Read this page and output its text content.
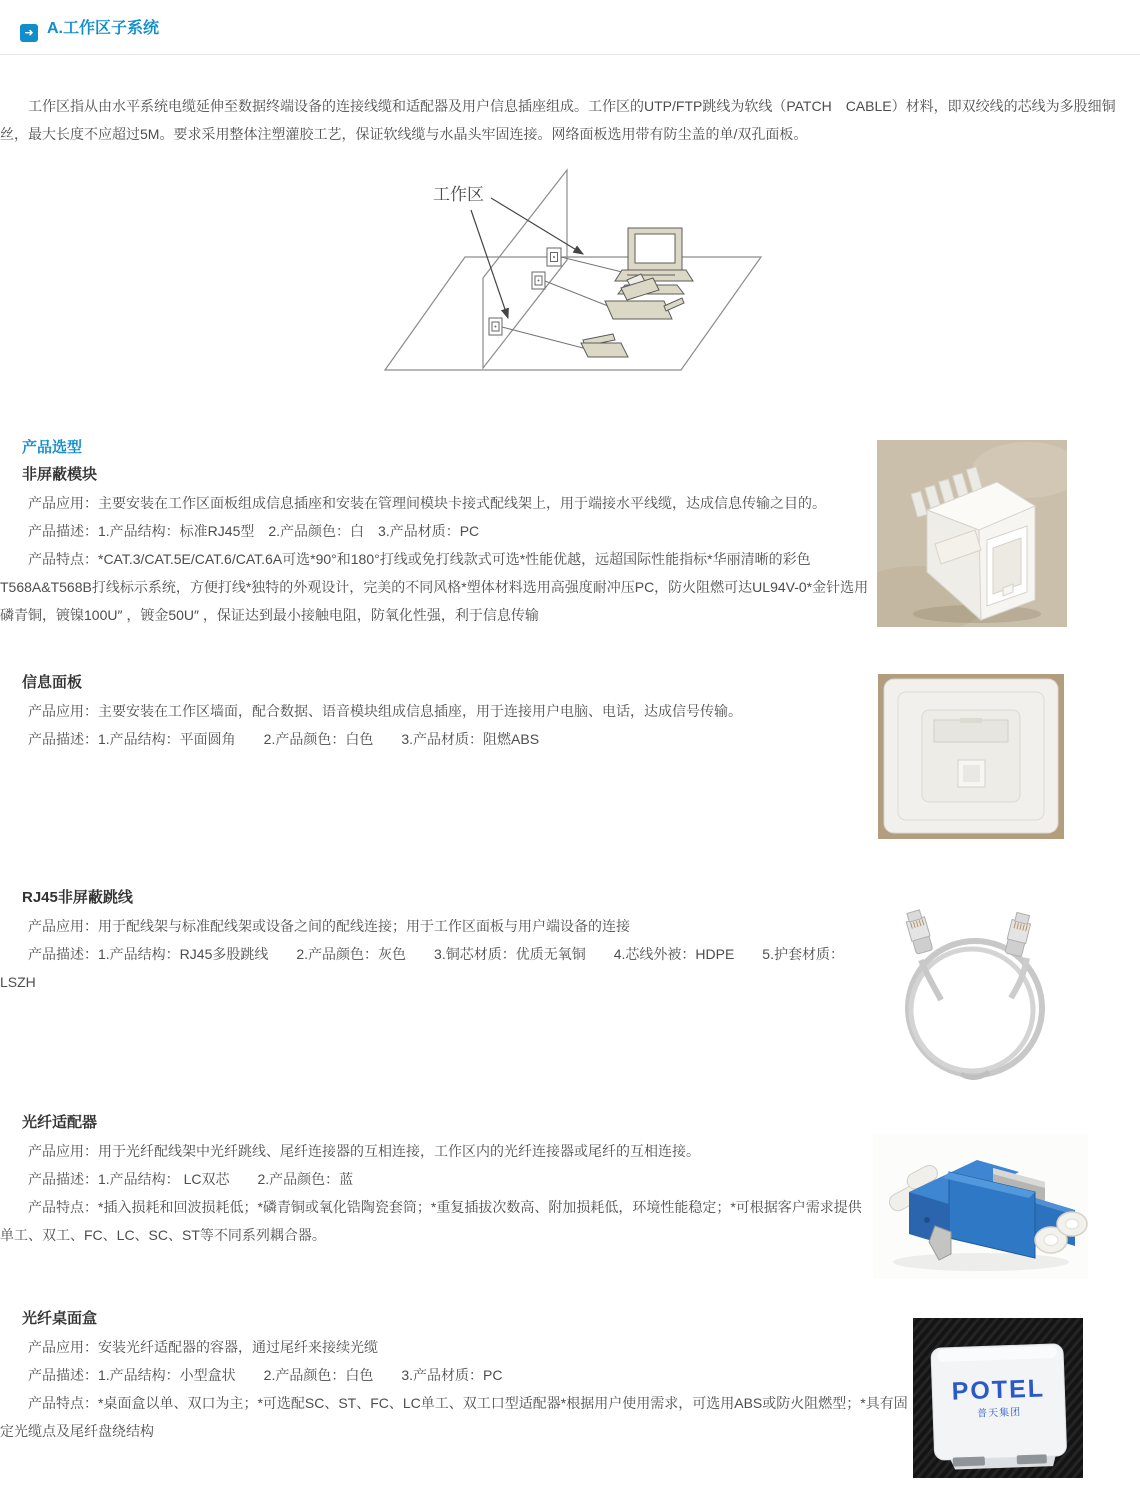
➜ A.工作区子系统

工作区指从由水平系统电缆延伸至数据终端设备的连接线缆和适配器及用户信息插座组成。工作区的UTP/FTP跳线为软线（PATCH　CABLE）材料，即双绞线的芯线为多股细铜丝，最大长度不应超过5M。要求采用整体注塑灌胶工艺，保证软线缆与水晶头牢固连接。网络面板选用带有防尘盖的单/双孔面板。

工作区
产品选型
非屏蔽模块

产品应用：主要安装在工作区面板组成信息插座和安装在管理间模块卡接式配线架上，用于端接水平线缆，达成信息传输之目的。

产品描述：1.产品结构：标准RJ45型　2.产品颜色：白　3.产品材质：PC

产品特点：*CAT.3/CAT.5E/CAT.6/CAT.6A可选*90°和180°打线或免打线款式可选*性能优越，远超国际性能指标*华丽清晰的彩色T568A&T568B打线标示系统，方便打线*独特的外观设计，完美的不同风格*塑体材料选用高强度耐冲压PC，防火阻燃可达UL94V-0*金针选用磷青铜，镀镍100U″ ，镀金50U″ ，保证达到最小接触电阻，防氧化性强，利于信息传输

信息面板

产品应用：主要安装在工作区墙面，配合数据、语音模块组成信息插座，用于连接用户电脑、电话，达成信号传输。

产品描述：1.产品结构：平面圆角　　2.产品颜色：白色　　3.产品材质：阻燃ABS

RJ45非屏蔽跳线

产品应用：用于配线架与标准配线架或设备之间的配线连接；用于工作区面板与用户端设备的连接

产品描述：1.产品结构：RJ45多股跳线　　2.产品颜色：灰色　　3.铜芯材质：优质无氧铜　　4.芯线外被：HDPE　　5.护套材质：LSZH

光纤适配器

产品应用：用于光纤配线架中光纤跳线、尾纤连接器的互相连接，工作区内的光纤连接器或尾纤的互相连接。

产品描述：1.产品结构： LC双芯　　2.产品颜色：蓝

产品特点：*插入损耗和回波损耗低；*磷青铜或氧化锆陶瓷套筒；*重复插拔次数高、附加损耗低，环境性能稳定；*可根据客户需求提供单工、双工、FC、LC、SC、ST等不同系列耦合器。

POTEL
普天集团
光纤桌面盒

产品应用：安装光纤适配器的容器，通过尾纤来接续光缆

产品描述：1.产品结构：小型盒状　　2.产品颜色：白色　　3.产品材质：PC

产品特点：*桌面盒以单、双口为主；*可选配SC、ST、FC、LC单工、双工口型适配器*根据用户使用需求，可选用ABS或防火阻燃型；*具有固定光缆点及尾纤盘绕结构
